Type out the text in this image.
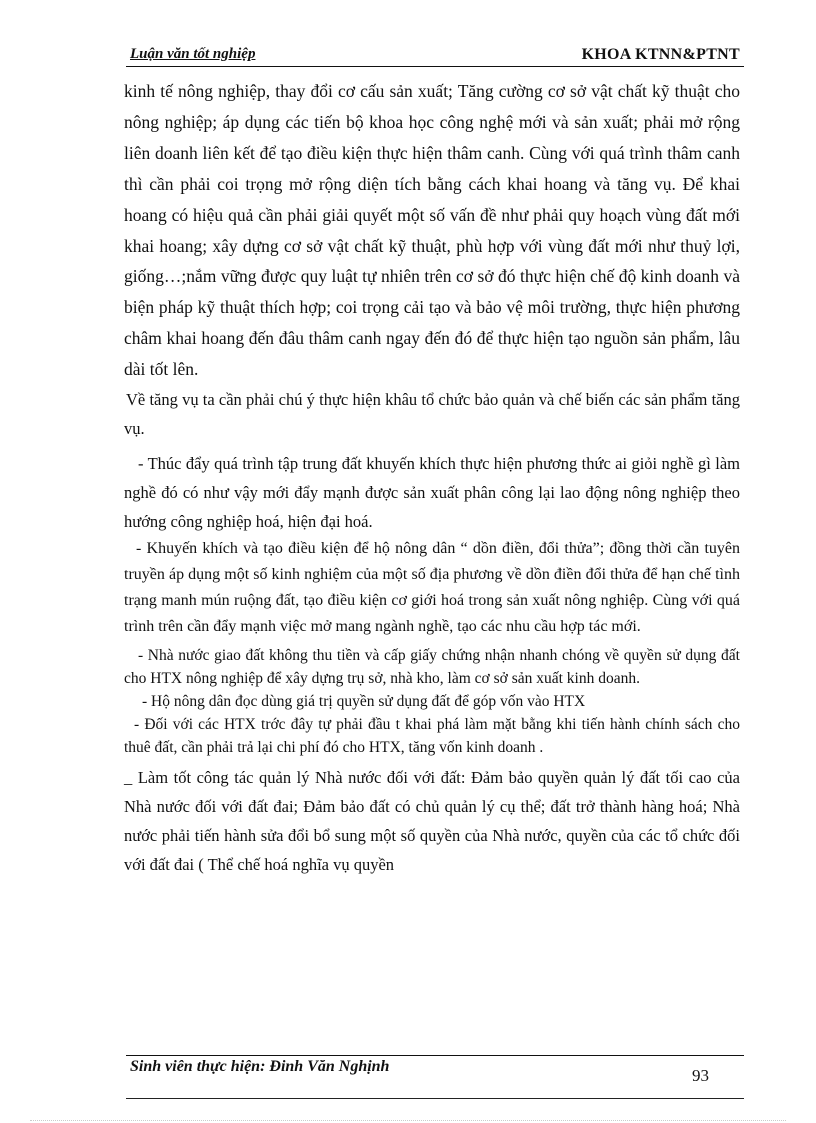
Luận văn tốt nghiệp	KHOA KTNN&PTNT

kinh tế nông nghiệp, thay đổi cơ cấu sản xuất; Tăng cường cơ sở vật chất kỹ thuật cho nông nghiệp; áp dụng các tiến bộ khoa học công nghệ mới và sản xuất; phải mở rộng liên doanh liên kết để tạo điều kiện thực hiện thâm canh. Cùng với quá trình thâm canh thì cần phải coi trọng mở rộng diện tích bằng cách khai hoang và tăng vụ. Để khai hoang có hiệu quả cần phải giải quyết một số vấn đề như phải quy hoạch vùng đất mới khai hoang; xây dựng cơ sở vật chất kỹ thuật, phù hợp với vùng đất mới như thuỷ lợi, giống…;nắm vững được quy luật tự nhiên trên cơ sở đó thực hiện chế độ kinh doanh và biện pháp kỹ thuật thích hợp; coi trọng cải tạo và bảo vệ môi trường, thực hiện phương châm khai hoang đến đâu thâm canh ngay đến đó để thực hiện tạo nguồn sản phẩm, lâu dài tốt lên.

Về tăng vụ ta cần phải chú ý thực hiện khâu tổ chức bảo quản và chế biến các sản phẩm tăng vụ.

- Thúc đẩy quá trình tập trung đất khuyến khích thực hiện phương thức ai giỏi nghề gì làm nghề đó có như vậy mới đẩy mạnh được sản xuất phân công lại lao động nông nghiệp theo hướng công nghiệp hoá, hiện đại hoá.

- Khuyến khích và tạo điều kiện để hộ nông dân “ dồn điền, đổi thửa”; đồng thời cần tuyên truyền áp dụng một số kinh nghiệm của một số địa phương về dồn điền đổi thửa để hạn chế tình trạng manh mún ruộng đất, tạo điều kiện cơ giới hoá trong sản xuất nông nghiệp. Cùng với quá trình trên cần đẩy mạnh việc mở mang ngành nghề, tạo các nhu cầu hợp tác mới.

- Nhà nước giao đất không thu tiền và cấp giấy chứng nhận nhanh chóng về quyền sử dụng đất cho HTX nông nghiệp để xây dựng trụ sở, nhà kho, làm cơ sở sản xuất kinh doanh.

- Hộ nông dân đọc dùng giá trị quyền sử dụng đất để góp vốn vào HTX

- Đối với các HTX trớc đây tự phải đầu t khai phá làm mặt bằng khi tiến hành chính sách cho thuê đất, cần phải trả lại chi phí đó cho HTX, tăng vốn kinh doanh .

_ Làm tốt công tác quản lý Nhà nước đối với đất: Đảm bảo quyền quản lý đất tối cao của Nhà nước đối với đất đai; Đảm bảo đất có chủ quản lý cụ thể; đất trở thành hàng hoá; Nhà nước phải tiến hành sửa đổi bổ sung một số quyền của Nhà nước, quyền của các tổ chức đối với đất đai ( Thể chế hoá nghĩa vụ quyền

Sinh viên thực hiện: Đinh Văn Nghịnh	93
